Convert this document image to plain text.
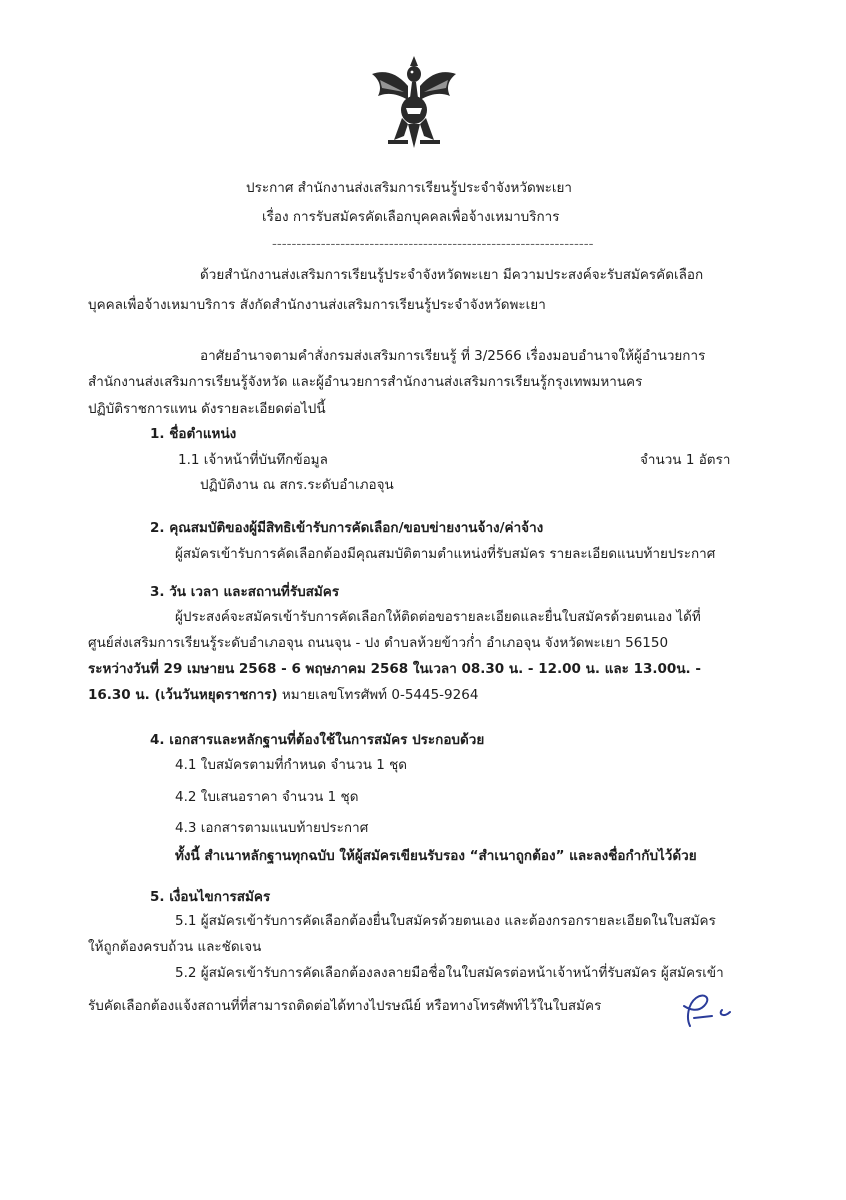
ประกาศ สำนักงานส่งเสริมการเรียนรู้ประจำจังหวัดพะเยา
เรื่อง การรับสมัครคัดเลือกบุคคลเพื่อจ้างเหมาบริการ
------------------------------------------------------------------
ด้วยสำนักงานส่งเสริมการเรียนรู้ประจำจังหวัดพะเยา มีความประสงค์จะรับสมัครคัดเลือก
บุคคลเพื่อจ้างเหมาบริการ สังกัดสำนักงานส่งเสริมการเรียนรู้ประจำจังหวัดพะเยา
อาศัยอำนาจตามคำสั่งกรมส่งเสริมการเรียนรู้ ที่ 3/2566 เรื่องมอบอำนาจให้ผู้อำนวยการ
สำนักงานส่งเสริมการเรียนรู้จังหวัด และผู้อำนวยการสำนักงานส่งเสริมการเรียนรู้กรุงเทพมหานคร
ปฏิบัติราชการแทน ดังรายละเอียดต่อไปนี้
1. ชื่อตำแหน่ง
1.1 เจ้าหน้าที่บันทึกข้อมูล	จำนวน 1 อัตรา
ปฏิบัติงาน ณ สกร.ระดับอำเภอจุน
2. คุณสมบัติของผู้มีสิทธิเข้ารับการคัดเลือก/ขอบข่ายงานจ้าง/ค่าจ้าง
ผู้สมัครเข้ารับการคัดเลือกต้องมีคุณสมบัติตามตำแหน่งที่รับสมัคร รายละเอียดแนบท้ายประกาศ
3. วัน เวลา และสถานที่รับสมัคร
ผู้ประสงค์จะสมัครเข้ารับการคัดเลือกให้ติดต่อขอรายละเอียดและยื่นใบสมัครด้วยตนเอง ได้ที่
ศูนย์ส่งเสริมการเรียนรู้ระดับอำเภอจุน ถนนจุน - ปง ตำบลห้วยข้าวก่ำ อำเภอจุน จังหวัดพะเยา 56150
ระหว่างวันที่ 29 เมษายน 2568 - 6 พฤษภาคม 2568 ในเวลา 08.30 น. - 12.00 น. และ 13.00น. -
16.30 น. (เว้นวันหยุดราชการ) หมายเลขโทรศัพท์ 0-5445-9264
4. เอกสารและหลักฐานที่ต้องใช้ในการสมัคร ประกอบด้วย
4.1 ใบสมัครตามที่กำหนด จำนวน 1 ชุด
4.2 ใบเสนอราคา จำนวน 1 ชุด
4.3 เอกสารตามแนบท้ายประกาศ
ทั้งนี้ สำเนาหลักฐานทุกฉบับ ให้ผู้สมัครเขียนรับรอง “สำเนาถูกต้อง” และลงชื่อกำกับไว้ด้วย
5. เงื่อนไขการสมัคร
5.1 ผู้สมัครเข้ารับการคัดเลือกต้องยื่นใบสมัครด้วยตนเอง และต้องกรอกรายละเอียดในใบสมัคร
ให้ถูกต้องครบถ้วน และชัดเจน
5.2 ผู้สมัครเข้ารับการคัดเลือกต้องลงลายมือชื่อในใบสมัครต่อหน้าเจ้าหน้าที่รับสมัคร ผู้สมัครเข้า
รับคัดเลือกต้องแจ้งสถานที่ที่สามารถติดต่อได้ทางไปรษณีย์ หรือทางโทรศัพท์ไว้ในใบสมัคร
